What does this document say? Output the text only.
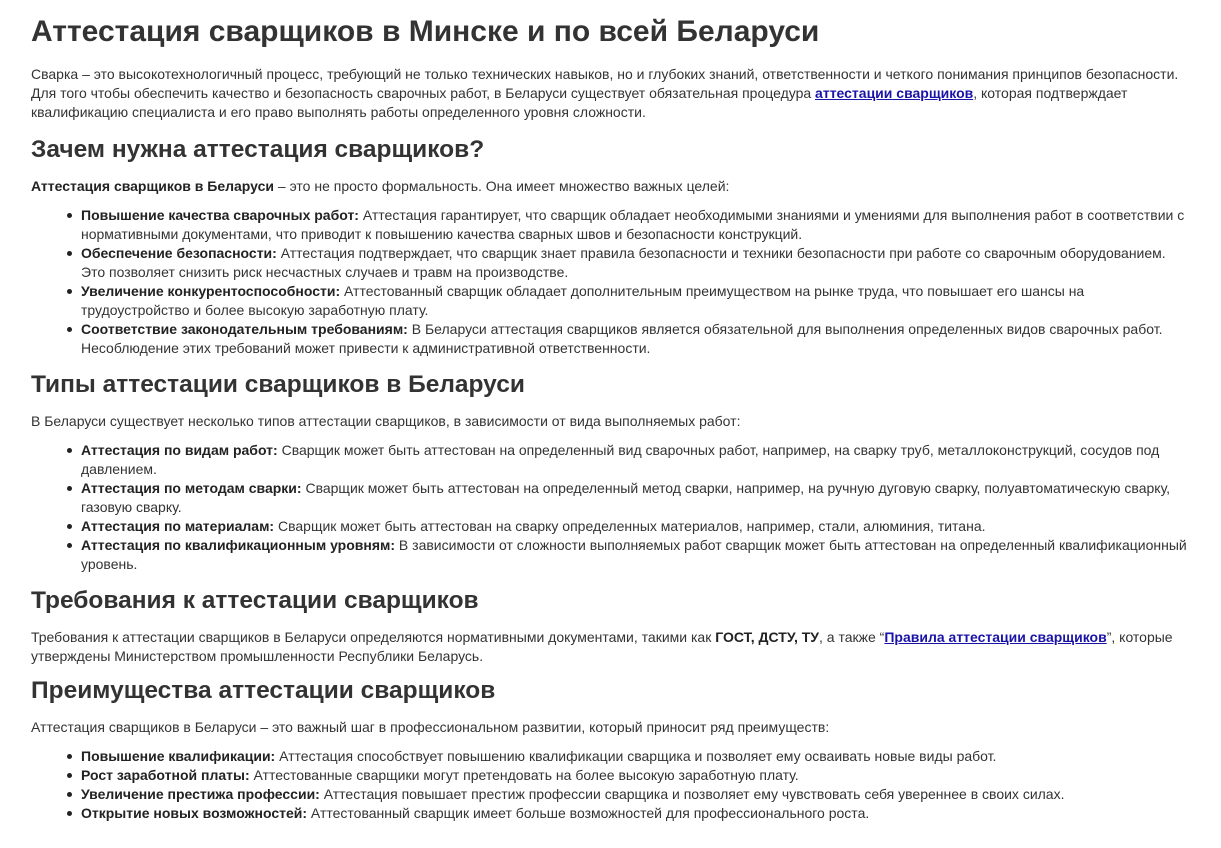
Аттестация сварщиков в Минске и по всей Беларуси

Сварка – это высокотехнологичный процесс, требующий не только технических навыков, но и глубоких знаний, ответственности и четкого понимания принципов безопасности. Для того чтобы обеспечить качество и безопасность сварочных работ, в Беларуси существует обязательная процедура аттестации сварщиков, которая подтверждает квалификацию специалиста и его право выполнять работы определенного уровня сложности.

Зачем нужна аттестация сварщиков?

Аттестация сварщиков в Беларуси – это не просто формальность. Она имеет множество важных целей:

Повышение качества сварочных работ: Аттестация гарантирует, что сварщик обладает необходимыми знаниями и умениями для выполнения работ в соответствии с нормативными документами, что приводит к повышению качества сварных швов и безопасности конструкций.
Обеспечение безопасности: Аттестация подтверждает, что сварщик знает правила безопасности и техники безопасности при работе со сварочным оборудованием. Это позволяет снизить риск несчастных случаев и травм на производстве.
Увеличение конкурентоспособности: Аттестованный сварщик обладает дополнительным преимуществом на рынке труда, что повышает его шансы на трудоустройство и более высокую заработную плату.
Соответствие законодательным требованиям: В Беларуси аттестация сварщиков является обязательной для выполнения определенных видов сварочных работ. Несоблюдение этих требований может привести к административной ответственности.
Типы аттестации сварщиков в Беларуси

В Беларуси существует несколько типов аттестации сварщиков, в зависимости от вида выполняемых работ:

Аттестация по видам работ: Сварщик может быть аттестован на определенный вид сварочных работ, например, на сварку труб, металлоконструкций, сосудов под давлением.
Аттестация по методам сварки: Сварщик может быть аттестован на определенный метод сварки, например, на ручную дуговую сварку, полуавтоматическую сварку, газовую сварку.
Аттестация по материалам: Сварщик может быть аттестован на сварку определенных материалов, например, стали, алюминия, титана.
Аттестация по квалификационным уровням: В зависимости от сложности выполняемых работ сварщик может быть аттестован на определенный квалификационный уровень.
Требования к аттестации сварщиков

Требования к аттестации сварщиков в Беларуси определяются нормативными документами, такими как ГОСТ, ДСТУ, ТУ, а также “Правила аттестации сварщиков”, которые утверждены Министерством промышленности Республики Беларусь.

Преимущества аттестации сварщиков

Аттестация сварщиков в Беларуси – это важный шаг в профессиональном развитии, который приносит ряд преимуществ:

Повышение квалификации: Аттестация способствует повышению квалификации сварщика и позволяет ему осваивать новые виды работ.
Рост заработной платы: Аттестованные сварщики могут претендовать на более высокую заработную плату.
Увеличение престижа профессии: Аттестация повышает престиж профессии сварщика и позволяет ему чувствовать себя увереннее в своих силах.
Открытие новых возможностей: Аттестованный сварщик имеет больше возможностей для профессионального роста.
